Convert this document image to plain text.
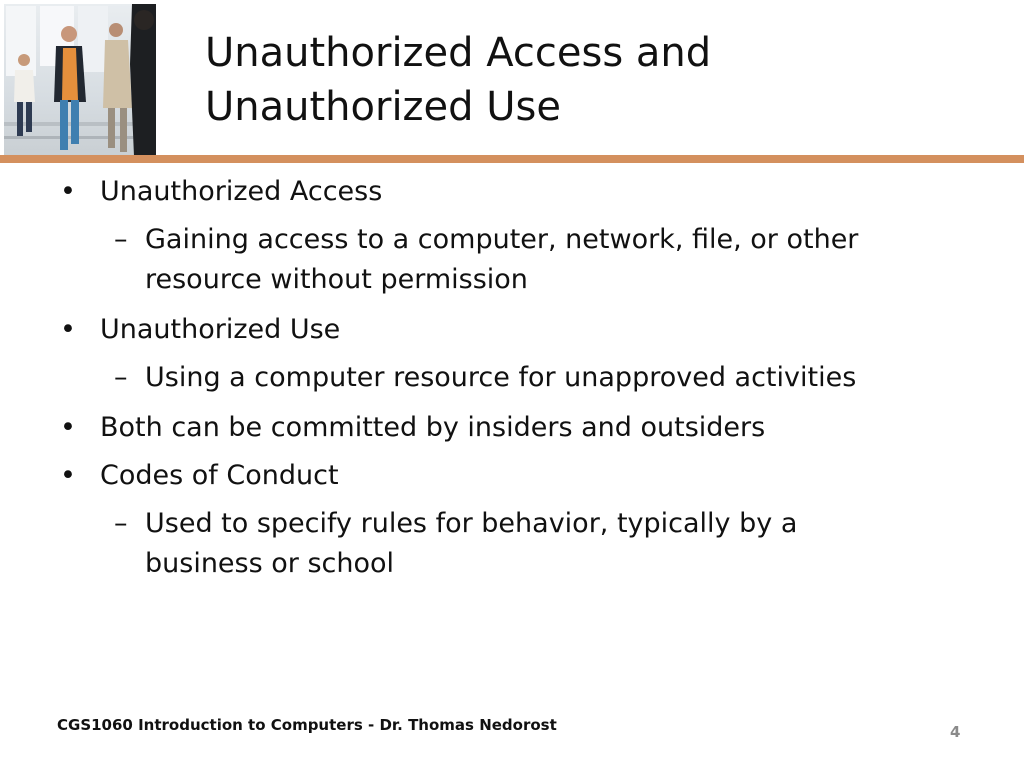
Unauthorized Access and
Unauthorized Use
• Unauthorized Access
– Gaining access to a computer, network, file, or other resource without permission
• Unauthorized Use
– Using a computer resource for unapproved activities
• Both can be committed by insiders and outsiders
• Codes of Conduct
– Used to specify rules for behavior, typically by a business or school
CGS1060 Introduction to Computers - Dr. Thomas Nedorost	4
